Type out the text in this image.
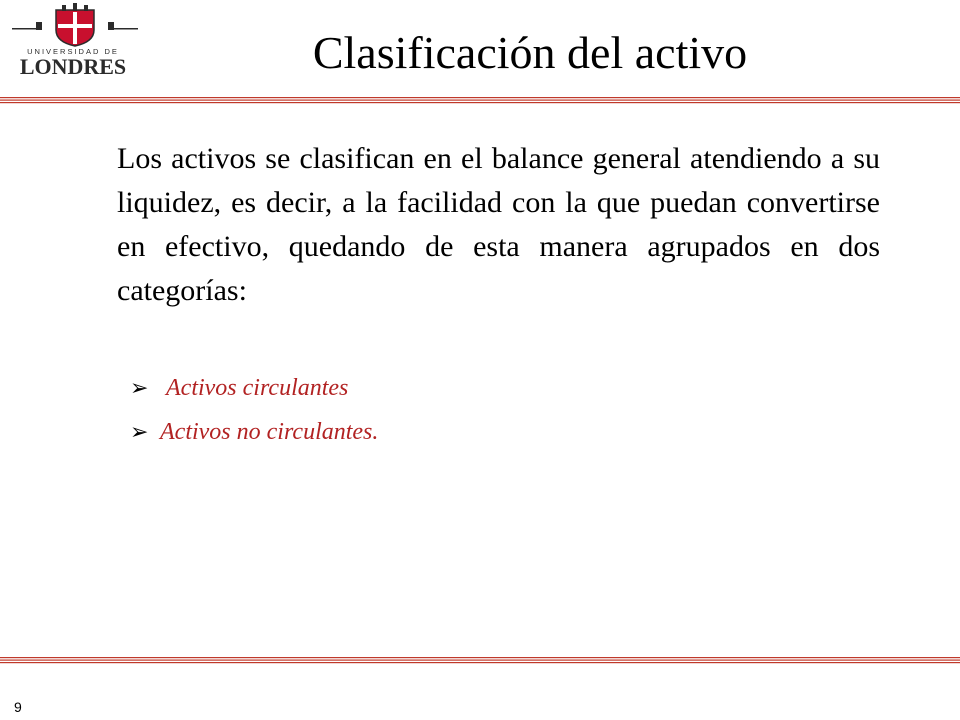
UNIVERSIDAD DE
LONDRES	Clasificación del activo
Los activos se clasifican en el balance general atendiendo a su liquidez, es decir, a la facilidad con la que puedan convertirse en efectivo, quedando de esta manera agrupados en dos categorías:
➢ Activos circulantes
➢ Activos no circulantes.
9
